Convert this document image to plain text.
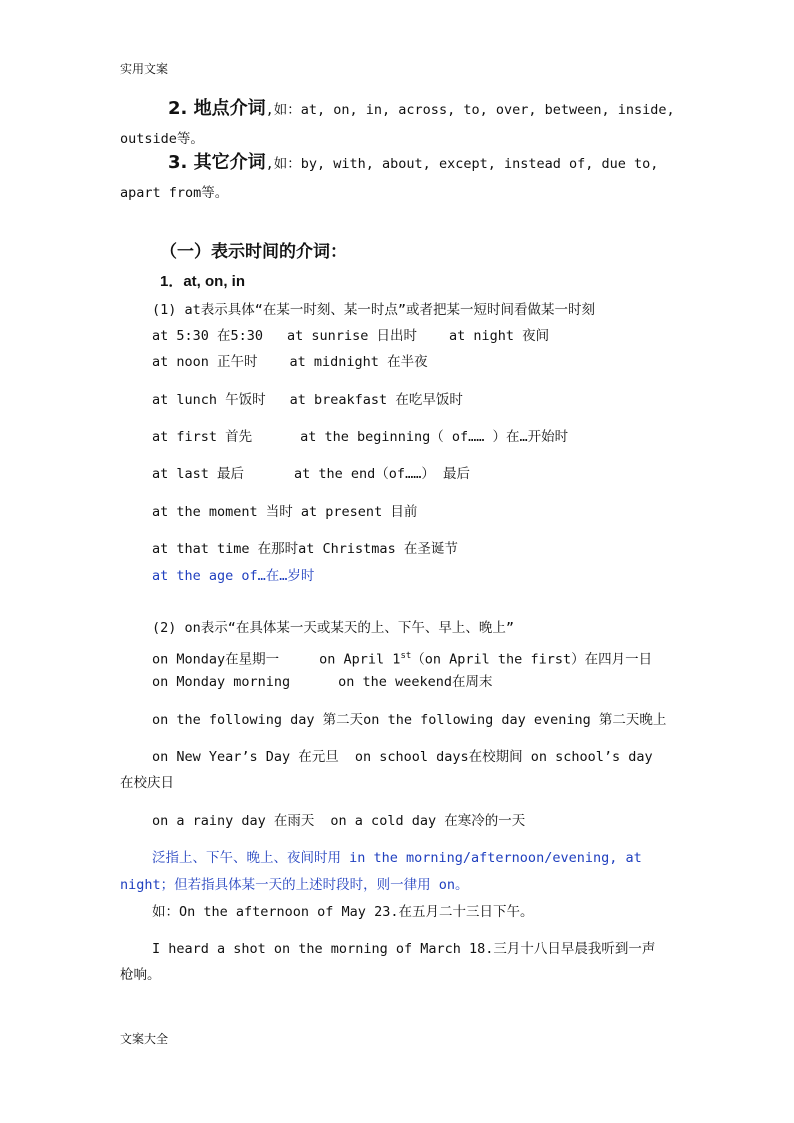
实用文案
2. 地点介词,如：at, on, in, across, to, over, between, inside,
outside等。
3. 其它介词,如：by, with, about, except, instead of, due to,
apart from等。
（一）表示时间的介词：
1．at, on, in
(1) at表示具体“在某一时刻、某一时点”或者把某一短时间看做某一时刻
at 5:30 在5:30 at sunrise 日出时 at night 夜间
at noon 正午时 at midnight 在半夜
at lunch 午饭时 at breakfast 在吃早饭时
at first 首先	at the beginning（ of…… ）在…开始时
at last 最后	at the end（of……） 最后
at the moment 当时 at present 目前
at that time 在那时at Christmas 在圣诞节
at the age of…在…岁时
(2) on表示“在具体某一天或某天的上、下午、早上、晚上”
on Monday在星期一	on April 1st（on April the first）在四月一日
on Monday morning	on the weekend在周末
on the following day 第二天on the following day evening 第二天晚上
on New Year’s Day 在元旦 on school days在校期间 on school’s day
在校庆日
on a rainy day 在雨天 on a cold day 在寒冷的一天
泛指上、下午、晚上、夜间时用 in the morning/afternoon/evening, at
night；但若指具体某一天的上述时段时，则一律用 on。
如：On the afternoon of May 23.在五月二十三日下午。
I heard a shot on the morning of March 18.三月十八日早晨我听到一声
枪响。
文案大全
